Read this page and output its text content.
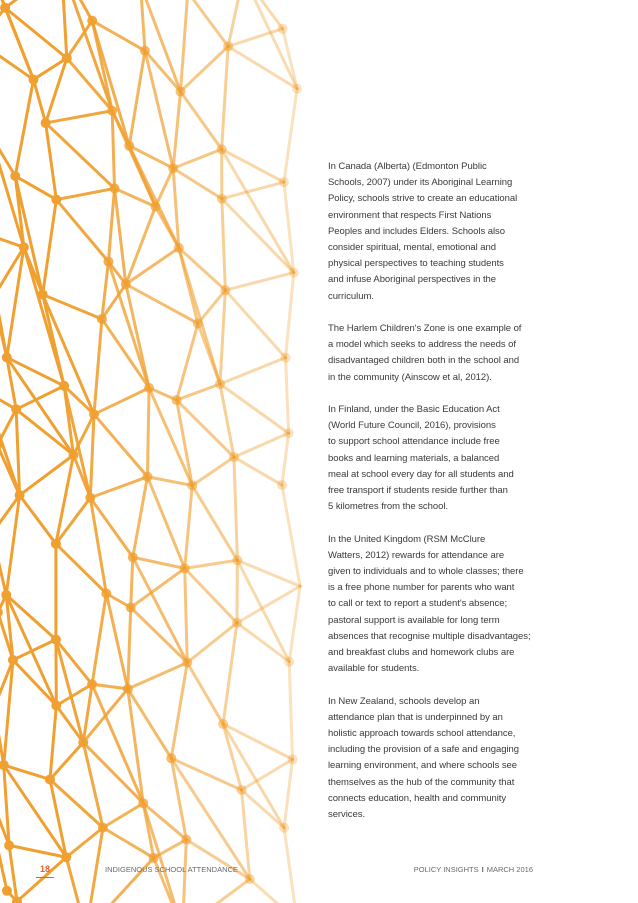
In Canada (Alberta) (Edmonton Public
Schools, 2007) under its Aboriginal Learning
Policy, schools strive to create an educational
environment that respects First Nations
Peoples and includes Elders. Schools also
consider spiritual, mental, emotional and
physical perspectives to teaching students
and infuse Aboriginal perspectives in the
curriculum.

The Harlem Children's Zone is one example of
a model which seeks to address the needs of
disadvantaged children both in the school and
in the community (Ainscow et al, 2012).

In Finland, under the Basic Education Act
(World Future Council, 2016), provisions
to support school attendance include free
books and learning materials, a balanced
meal at school every day for all students and
free transport if students reside further than
5 kilometres from the school.

In the United Kingdom (RSM McClure
Watters, 2012) rewards for attendance are
given to individuals and to whole classes; there
is a free phone number for parents who want
to call or text to report a student's absence;
pastoral support is available for long term
absences that recognise multiple disadvantages;
and breakfast clubs and homework clubs are
available for students.

In New Zealand, schools develop an
attendance plan that is underpinned by an
holistic approach towards school attendance,
including the provision of a safe and engaging
learning environment, and where schools see
themselves as the hub of the community that
connects education, health and community
services.

18	INDIGENOUS SCHOOL ATTENDANCE	POLICY INSIGHTS I MARCH 2016
